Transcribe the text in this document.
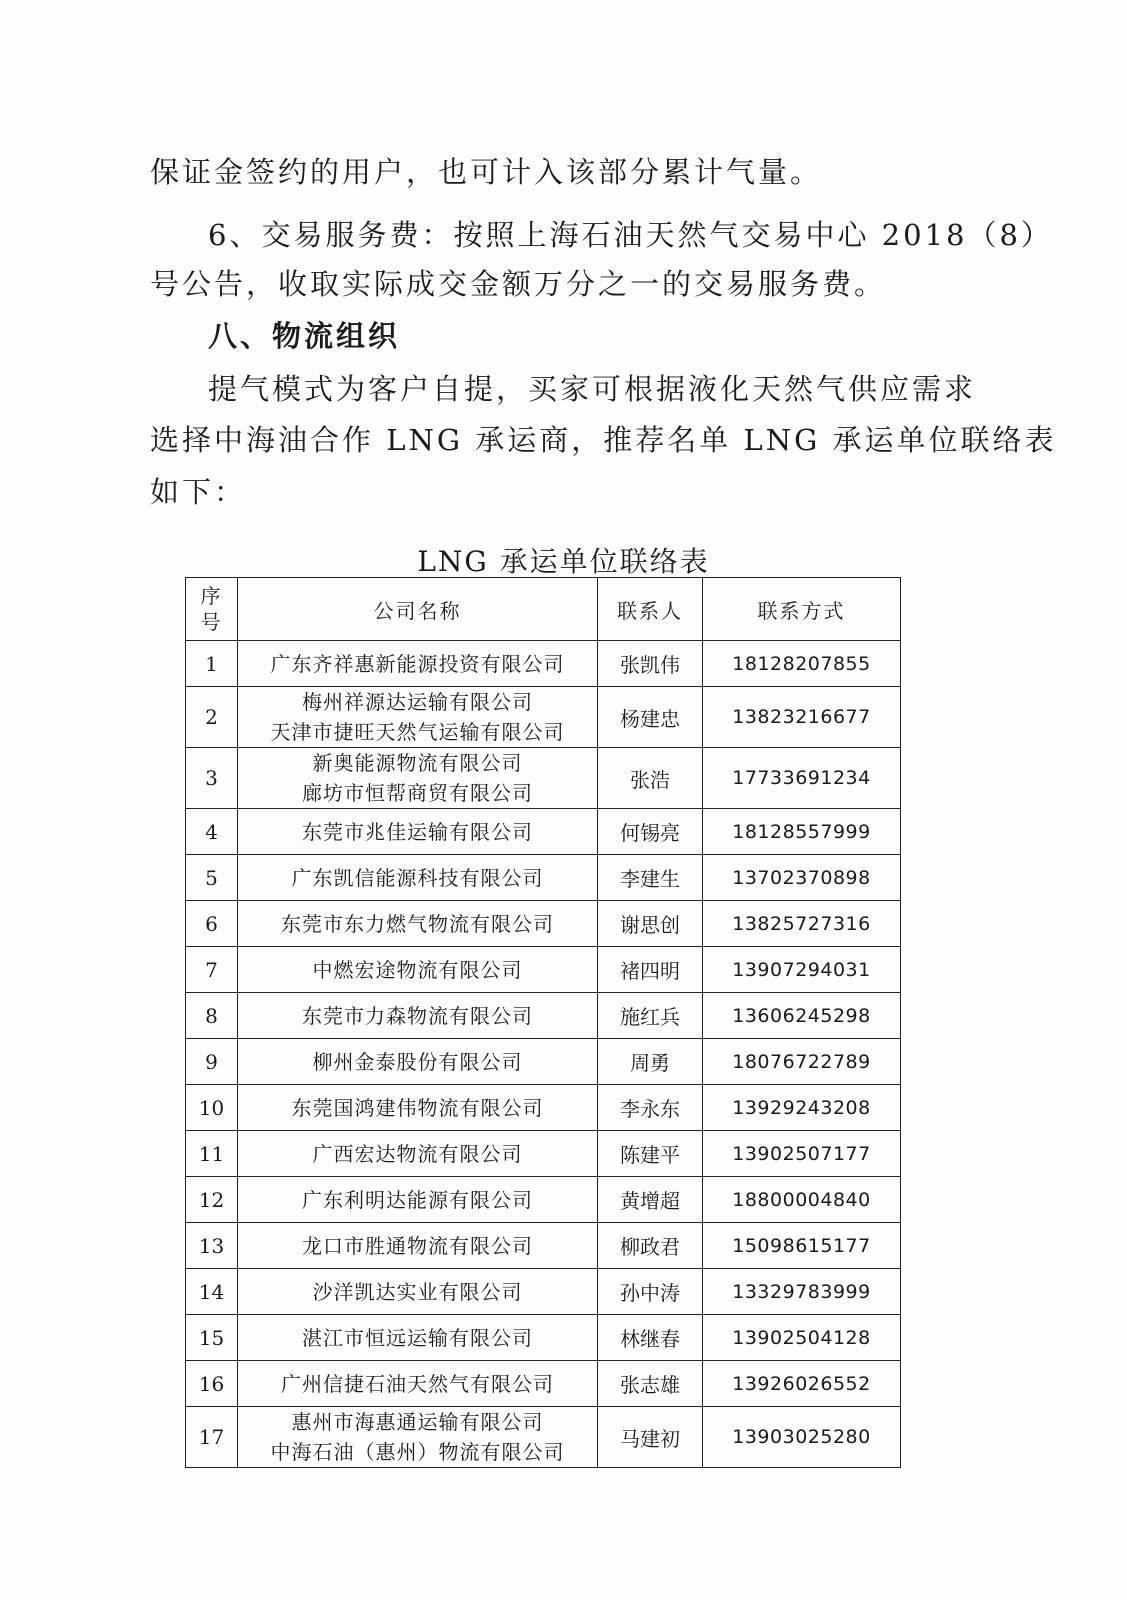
保证金签约的用户，也可计入该部分累计气量。

6、交易服务费：按照上海石油天然气交易中心 2018（8）

号公告，收取实际成交金额万分之一的交易服务费。

八、物流组织

提气模式为客户自提，买家可根据液化天然气供应需求

选择中海油合作 LNG 承运商，推荐名单 LNG 承运单位联络表

如下：

LNG 承运单位联络表
序
号	公司名称	联系人	联系方式
1	广东齐祥惠新能源投资有限公司	张凯伟	18128207855
2	梅州祥源达运输有限公司
天津市捷旺天然气运输有限公司	杨建忠	13823216677
3	新奥能源物流有限公司
廊坊市恒帮商贸有限公司	张浩	17733691234
4	东莞市兆佳运输有限公司	何锡亮	18128557999
5	广东凯信能源科技有限公司	李建生	13702370898
6	东莞市东力燃气物流有限公司	谢思创	13825727316
7	中燃宏途物流有限公司	褚四明	13907294031
8	东莞市力森物流有限公司	施红兵	13606245298
9	柳州金泰股份有限公司	周勇	18076722789
10	东莞国鸿建伟物流有限公司	李永东	13929243208
11	广西宏达物流有限公司	陈建平	13902507177
12	广东利明达能源有限公司	黄增超	18800004840
13	龙口市胜通物流有限公司	柳政君	15098615177
14	沙洋凯达实业有限公司	孙中涛	13329783999
15	湛江市恒远运输有限公司	林继春	13902504128
16	广州信捷石油天然气有限公司	张志雄	13926026552
17	惠州市海惠通运输有限公司
中海石油（惠州）物流有限公司	马建初	13903025280
